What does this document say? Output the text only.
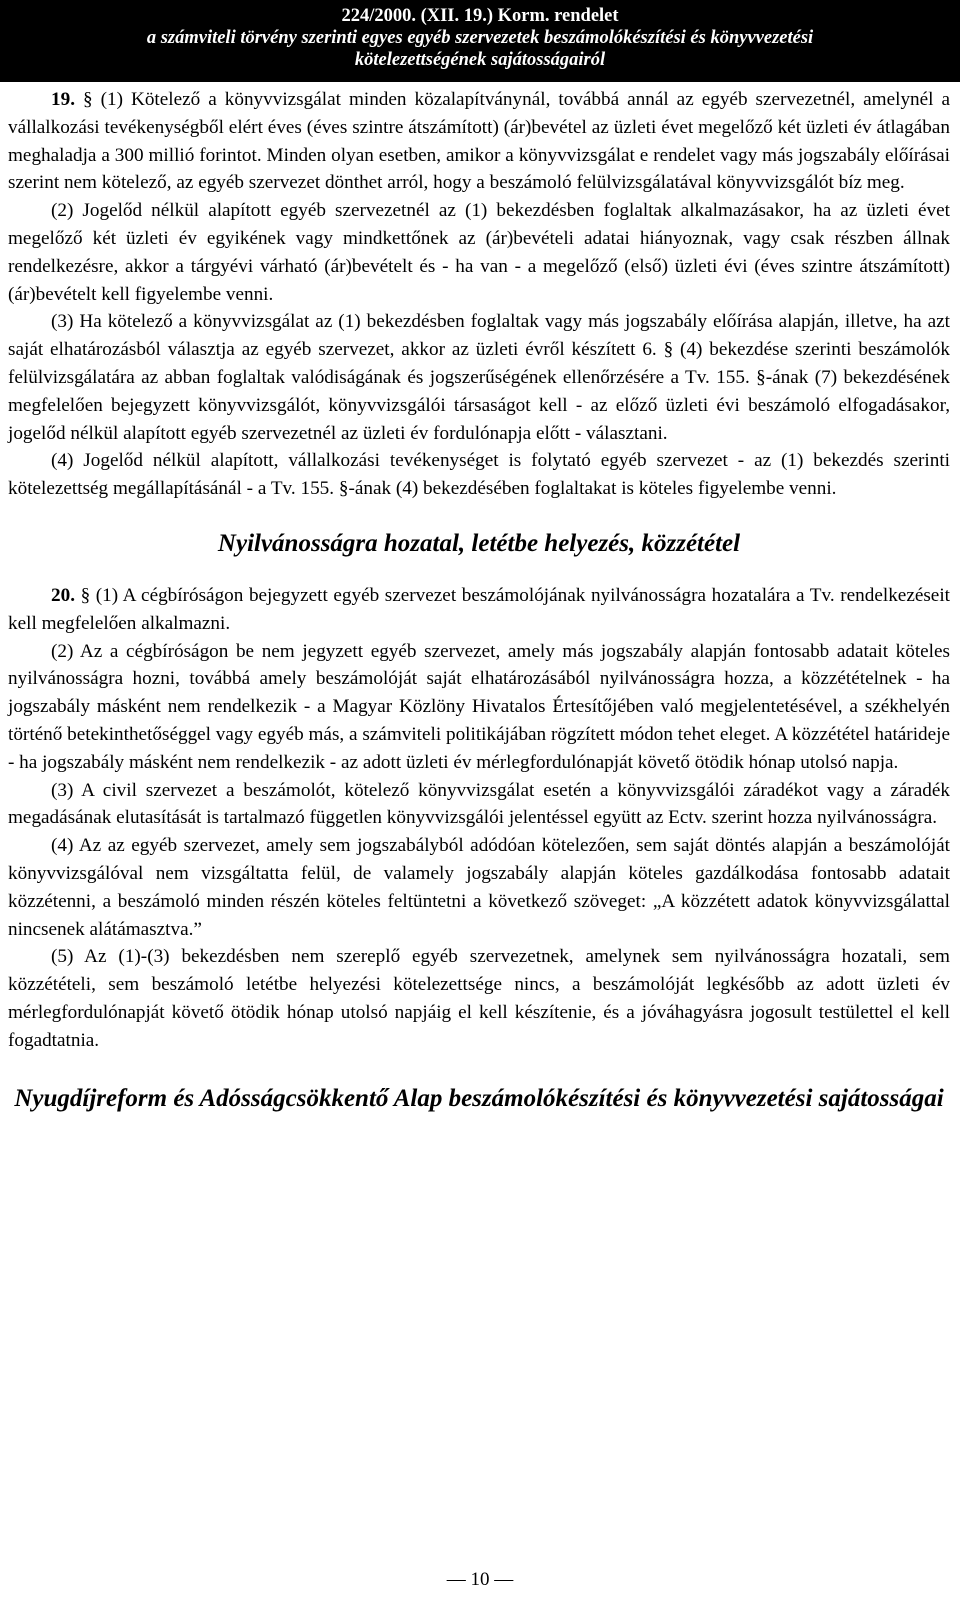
224/2000. (XII. 19.) Korm. rendelet
a számviteli törvény szerinti egyes egyéb szervezetek beszámolókészítési és könyvvezetési
kötelezettségének sajátosságairól

19. § (1) Kötelező a könyvvizsgálat minden közalapítványnál, továbbá annál az egyéb szervezetnél, amelynél a vállalkozási tevékenységből elért éves (éves szintre átszámított) (ár)bevétel az üzleti évet megelőző két üzleti év átlagában meghaladja a 300 millió forintot. Minden olyan esetben, amikor a könyvvizsgálat e rendelet vagy más jogszabály előírásai szerint nem kötelező, az egyéb szervezet dönthet arról, hogy a beszámoló felülvizsgálatával könyvvizsgálót bíz meg.

(2) Jogelőd nélkül alapított egyéb szervezetnél az (1) bekezdésben foglaltak alkalmazásakor, ha az üzleti évet megelőző két üzleti év egyikének vagy mindkettőnek az (ár)bevételi adatai hiányoznak, vagy csak részben állnak rendelkezésre, akkor a tárgyévi várható (ár)bevételt és - ha van - a megelőző (első) üzleti évi (éves szintre átszámított) (ár)bevételt kell figyelembe venni.

(3) Ha kötelező a könyvvizsgálat az (1) bekezdésben foglaltak vagy más jogszabály előírása alapján, illetve, ha azt saját elhatározásból választja az egyéb szervezet, akkor az üzleti évről készített 6. § (4) bekezdése szerinti beszámolók felülvizsgálatára az abban foglaltak valódiságának és jogszerűségének ellenőrzésére a Tv. 155. §-ának (7) bekezdésének megfelelően bejegyzett könyvvizsgálót, könyvvizsgálói társaságot kell - az előző üzleti évi beszámoló elfogadásakor, jogelőd nélkül alapított egyéb szervezetnél az üzleti év fordulónapja előtt - választani.

(4) Jogelőd nélkül alapított, vállalkozási tevékenységet is folytató egyéb szervezet - az (1) bekezdés szerinti kötelezettség megállapításánál - a Tv. 155. §-ának (4) bekezdésében foglaltakat is köteles figyelembe venni.

Nyilvánosságra hozatal, letétbe helyezés, közzététel

20. § (1) A cégbíróságon bejegyzett egyéb szervezet beszámolójának nyilvánosságra hozatalára a Tv. rendelkezéseit kell megfelelően alkalmazni.

(2) Az a cégbíróságon be nem jegyzett egyéb szervezet, amely más jogszabály alapján fontosabb adatait köteles nyilvánosságra hozni, továbbá amely beszámolóját saját elhatározásából nyilvánosságra hozza, a közzétételnek - ha jogszabály másként nem rendelkezik - a Magyar Közlöny Hivatalos Értesítőjében való megjelentetésével, a székhelyén történő betekinthetőséggel vagy egyéb más, a számviteli politikájában rögzített módon tehet eleget. A közzététel határideje - ha jogszabály másként nem rendelkezik - az adott üzleti év mérlegfordulónapját követő ötödik hónap utolsó napja.

(3) A civil szervezet a beszámolót, kötelező könyvvizsgálat esetén a könyvvizsgálói záradékot vagy a záradék megadásának elutasítását is tartalmazó független könyvvizsgálói jelentéssel együtt az Ectv. szerint hozza nyilvánosságra.

(4) Az az egyéb szervezet, amely sem jogszabályból adódóan kötelezően, sem saját döntés alapján a beszámolóját könyvvizsgálóval nem vizsgáltatta felül, de valamely jogszabály alapján köteles gazdálkodása fontosabb adatait közzétenni, a beszámoló minden részén köteles feltüntetni a következő szöveget: „A közzétett adatok könyvvizsgálattal nincsenek alátámasztva.”

(5) Az (1)-(3) bekezdésben nem szereplő egyéb szervezetnek, amelynek sem nyilvánosságra hozatali, sem közzétételi, sem beszámoló letétbe helyezési kötelezettsége nincs, a beszámolóját legkésőbb az adott üzleti év mérlegfordulónapját követő ötödik hónap utolsó napjáig el kell készítenie, és a jóváhagyásra jogosult testülettel el kell fogadtatnia.

Nyugdíjreform és Adósságcsökkentő Alap beszámolókészítési és könyvvezetési sajátosságai
— 10 —
